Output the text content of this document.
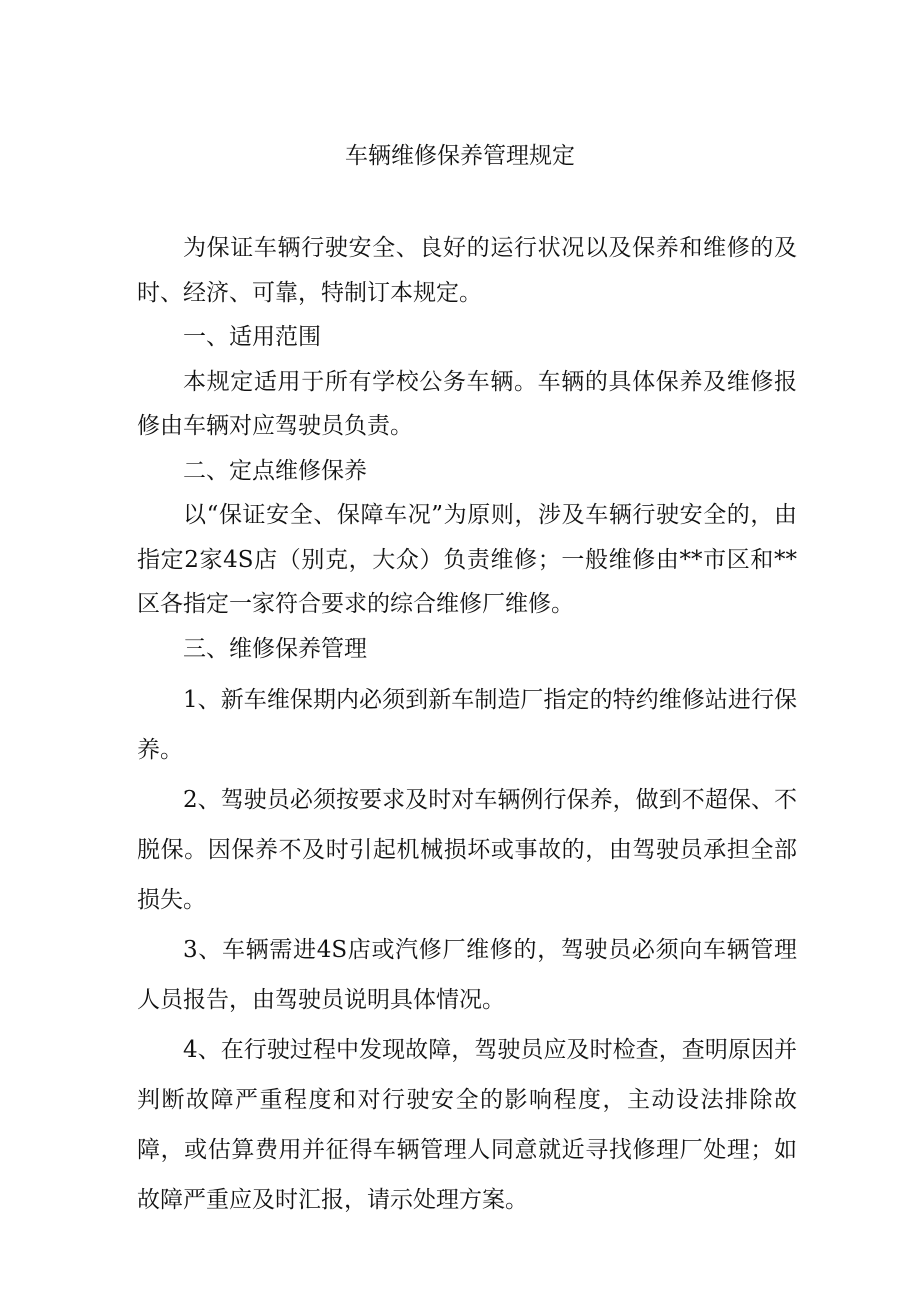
车辆维修保养管理规定

为保证车辆行驶安全、良好的运行状况以及保养和维修的及时、经济、可靠，特制订本规定。

一、适用范围

本规定适用于所有学校公务车辆。车辆的具体保养及维修报修由车辆对应驾驶员负责。

二、定点维修保养

以“保证安全、保障车况”为原则，涉及车辆行驶安全的，由指定2家4S店（别克，大众）负责维修；一般维修由**市区和**区各指定一家符合要求的综合维修厂维修。

三、维修保养管理

1、新车维保期内必须到新车制造厂指定的特约维修站进行保养。

2、驾驶员必须按要求及时对车辆例行保养，做到不超保、不脱保。因保养不及时引起机械损坏或事故的，由驾驶员承担全部损失。

3、车辆需进4S店或汽修厂维修的，驾驶员必须向车辆管理人员报告，由驾驶员说明具体情况。

4、在行驶过程中发现故障，驾驶员应及时检查，查明原因并判断故障严重程度和对行驶安全的影响程度，主动设法排除故障，或估算费用并征得车辆管理人同意就近寻找修理厂处理；如故障严重应及时汇报，请示处理方案。
